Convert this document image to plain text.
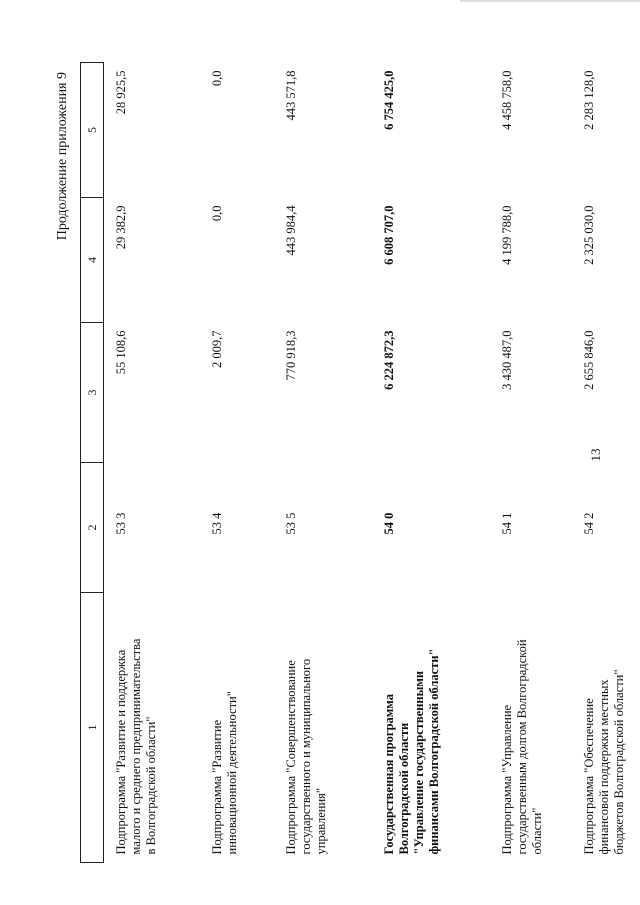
13
Продолжение приложения 9
1	2	3	4	5

Подпрограмма "Развитие и поддержка малого и среднего предпринимательства в Волгоградской области"	53 3	55 108,6	29 382,9	28 925,5

Подпрограмма "Развитие инновационной деятельности"	53 4	2 009,7	0,0	0,0

Подпрограмма "Совершенствование государственного и муниципального управления"	53 5	770 918,3	443 984,4	443 571,8

Государственная программа Волгоградской области "Управление государственными финансами Волгоградской области"	54 0	6 224 872,3	6 608 707,0	6 754 425,0

Подпрограмма "Управление государственным долгом Волгоградской области"	54 1	3 430 487,0	4 199 788,0	4 458 758,0

Подпрограмма "Обеспечение финансовой поддержки местных бюджетов Волгоградской области"	54 2	2 655 846,0	2 325 030,0	2 283 128,0
